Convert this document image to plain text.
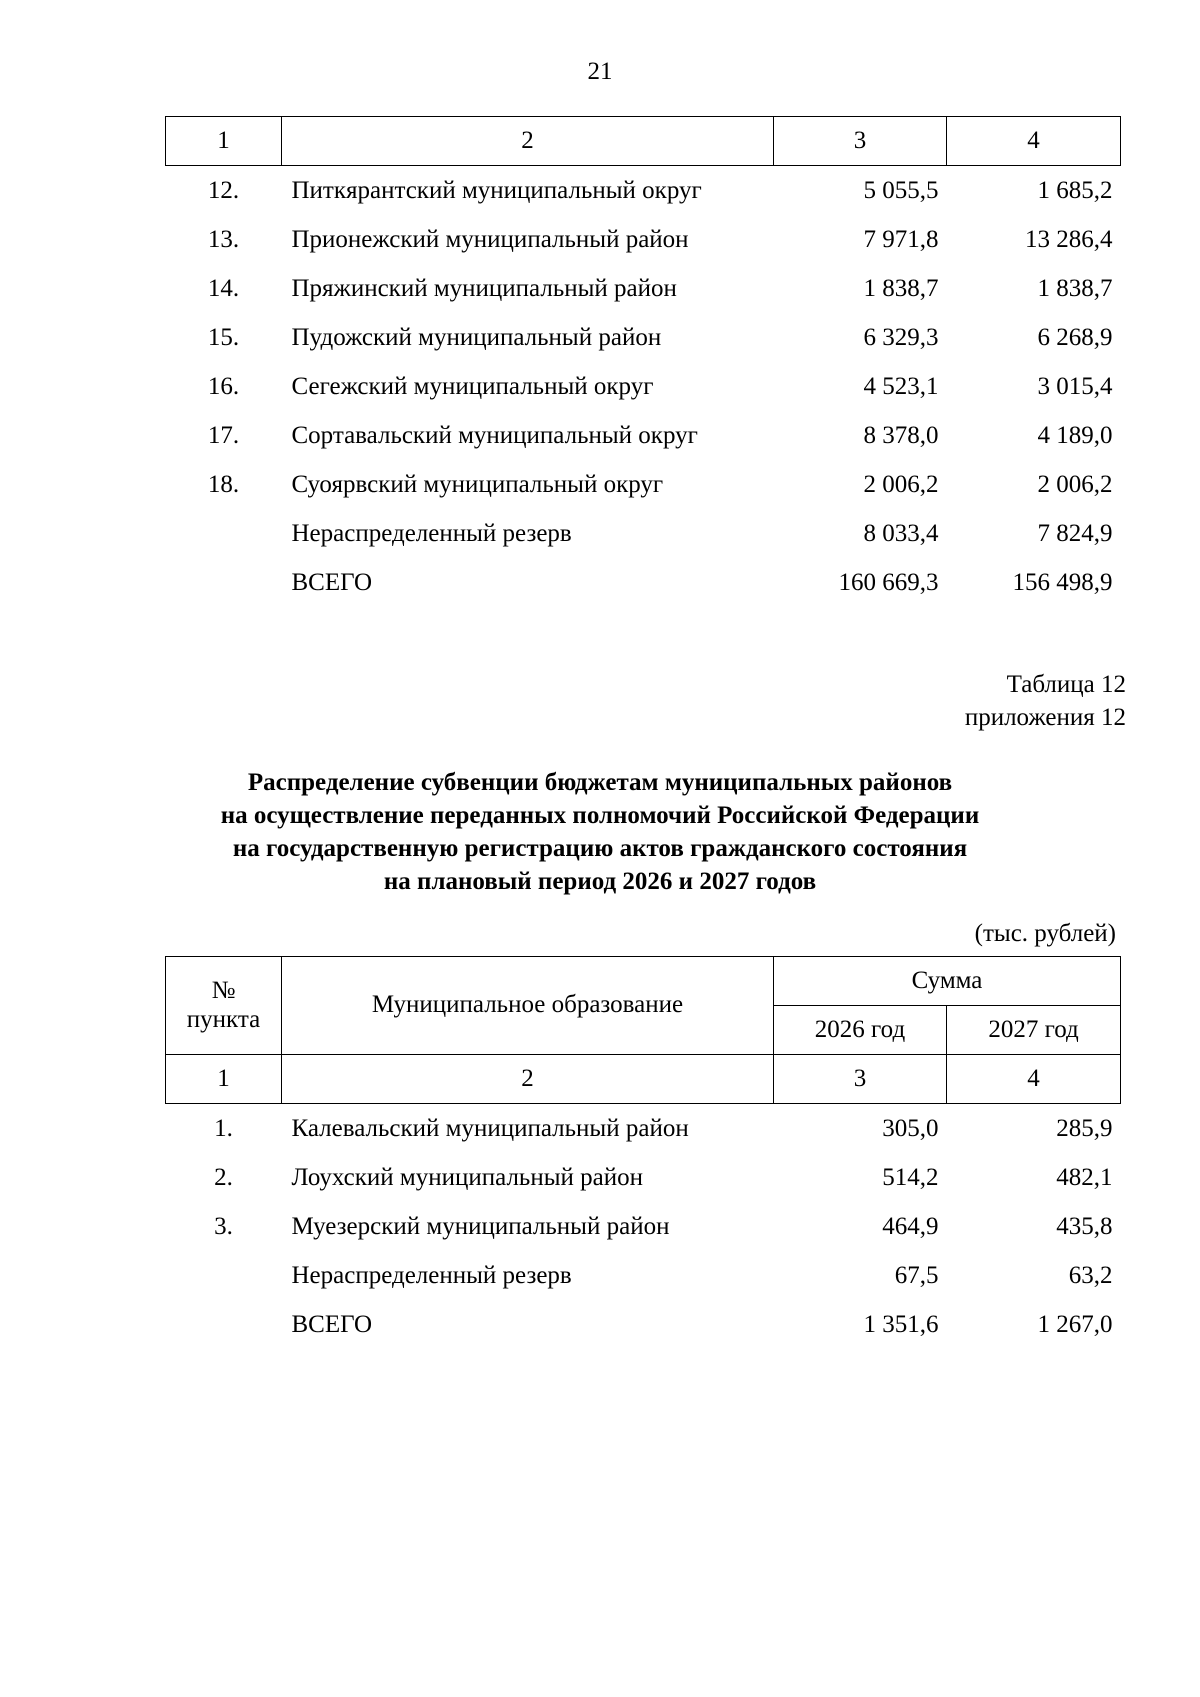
21
1	2	3	4
12.	Питкярантский муниципальный округ	5 055,5	1 685,2
13.	Прионежский муниципальный район	7 971,8	13 286,4
14.	Пряжинский муниципальный район	1 838,7	1 838,7
15.	Пудожский муниципальный район	6 329,3	6 268,9
16.	Сегежский муниципальный округ	4 523,1	3 015,4
17.	Сортавальский муниципальный округ	8 378,0	4 189,0
18.	Суоярвский муниципальный округ	2 006,2	2 006,2
	Нераспределенный резерв	8 033,4	7 824,9
	ВСЕГО	160 669,3	156 498,9
Таблица 12
приложения 12
Распределение субвенции бюджетам муниципальных районов
на осуществление переданных полномочий Российской Федерации
на государственную регистрацию актов гражданского состояния
на плановый период 2026 и 2027 годов
(тыс. рублей)
№
пункта	Муниципальное образование	Сумма	
		2026 год	2027 год
1	2	3	4
1.	Калевальский муниципальный район	305,0	285,9
2.	Лоухский муниципальный район	514,2	482,1
3.	Муезерский муниципальный район	464,9	435,8
	Нераспределенный резерв	67,5	63,2
	ВСЕГО	1 351,6	1 267,0
